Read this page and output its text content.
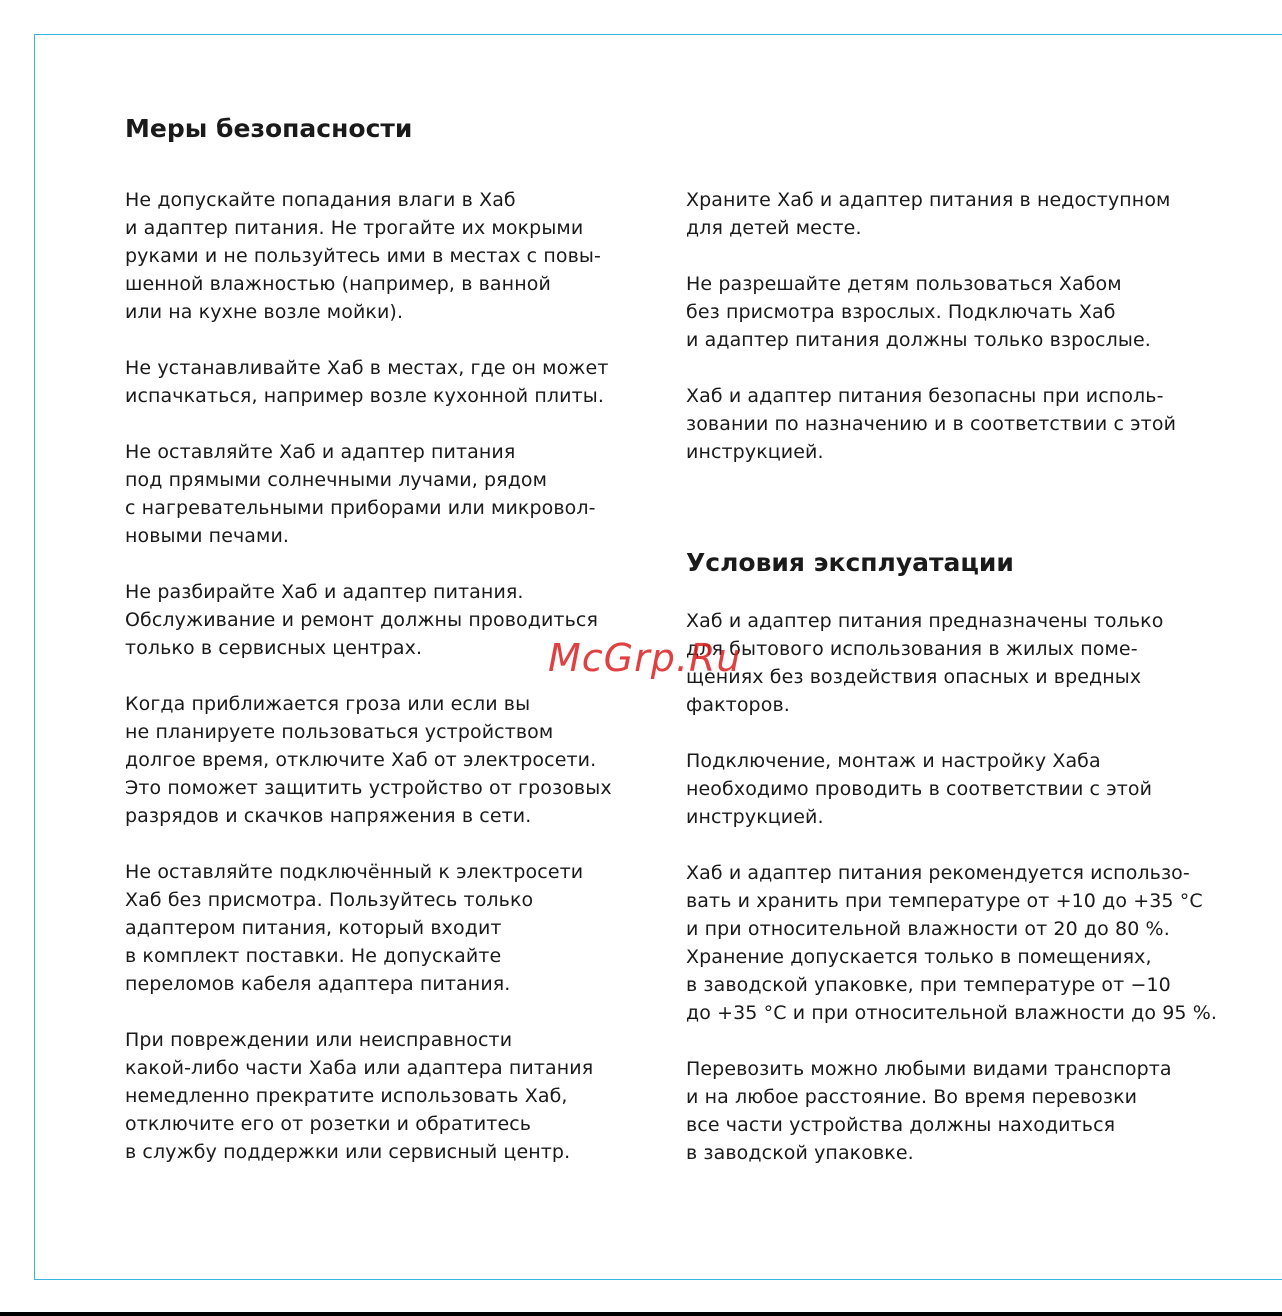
Меры безопасности

Не допускайте попадания влаги в Хаб
и адаптер питания. Не трогайте их мокрыми
руками и не пользуйтесь ими в местах с повы-
шенной влажностью (например, в ванной
или на кухне возле мойки).

Не устанавливайте Хаб в местах, где он может
испачкаться, например возле кухонной плиты.

Не оставляйте Хаб и адаптер питания
под прямыми солнечными лучами, рядом
с нагревательными приборами или микровол-
новыми печами.

Не разбирайте Хаб и адаптер питания.
Обслуживание и ремонт должны проводиться
только в сервисных центрах.

Когда приближается гроза или если вы
не планируете пользоваться устройством
долгое время, отключите Хаб от электросети.
Это поможет защитить устройство от грозовых
разрядов и скачков напряжения в сети.

Не оставляйте подключённый к электросети
Хаб без присмотра. Пользуйтесь только
адаптером питания, который входит
в комплект поставки. Не допускайте
переломов кабеля адаптера питания.

При повреждении или неисправности
какой-либо части Хаба или адаптера питания
немедленно прекратите использовать Хаб,
отключите его от розетки и обратитесь
в службу поддержки или сервисный центр.

Храните Хаб и адаптер питания в недоступном
для детей месте.

Не разрешайте детям пользоваться Хабом
без присмотра взрослых. Подключать Хаб
и адаптер питания должны только взрослые.

Хаб и адаптер питания безопасны при исполь-
зовании по назначению и в соответствии с этой
инструкцией.

Условия эксплуатации

Хаб и адаптер питания предназначены только
для бытового использования в жилых поме-
щениях без воздействия опасных и вредных
факторов.

Подключение, монтаж и настройку Хаба
необходимо проводить в соответствии с этой
инструкцией.

Хаб и адаптер питания рекомендуется использо-
вать и хранить при температуре от +10 до +35 °C
и при относительной влажности от 20 до 80 %.
Хранение допускается только в помещениях,
в заводской упаковке, при температуре от −10
до +35 °C и при относительной влажности до 95 %.

Перевозить можно любыми видами транспорта
и на любое расстояние. Во время перевозки
все части устройства должны находиться
в заводской упаковке.

McGrp.Ru
